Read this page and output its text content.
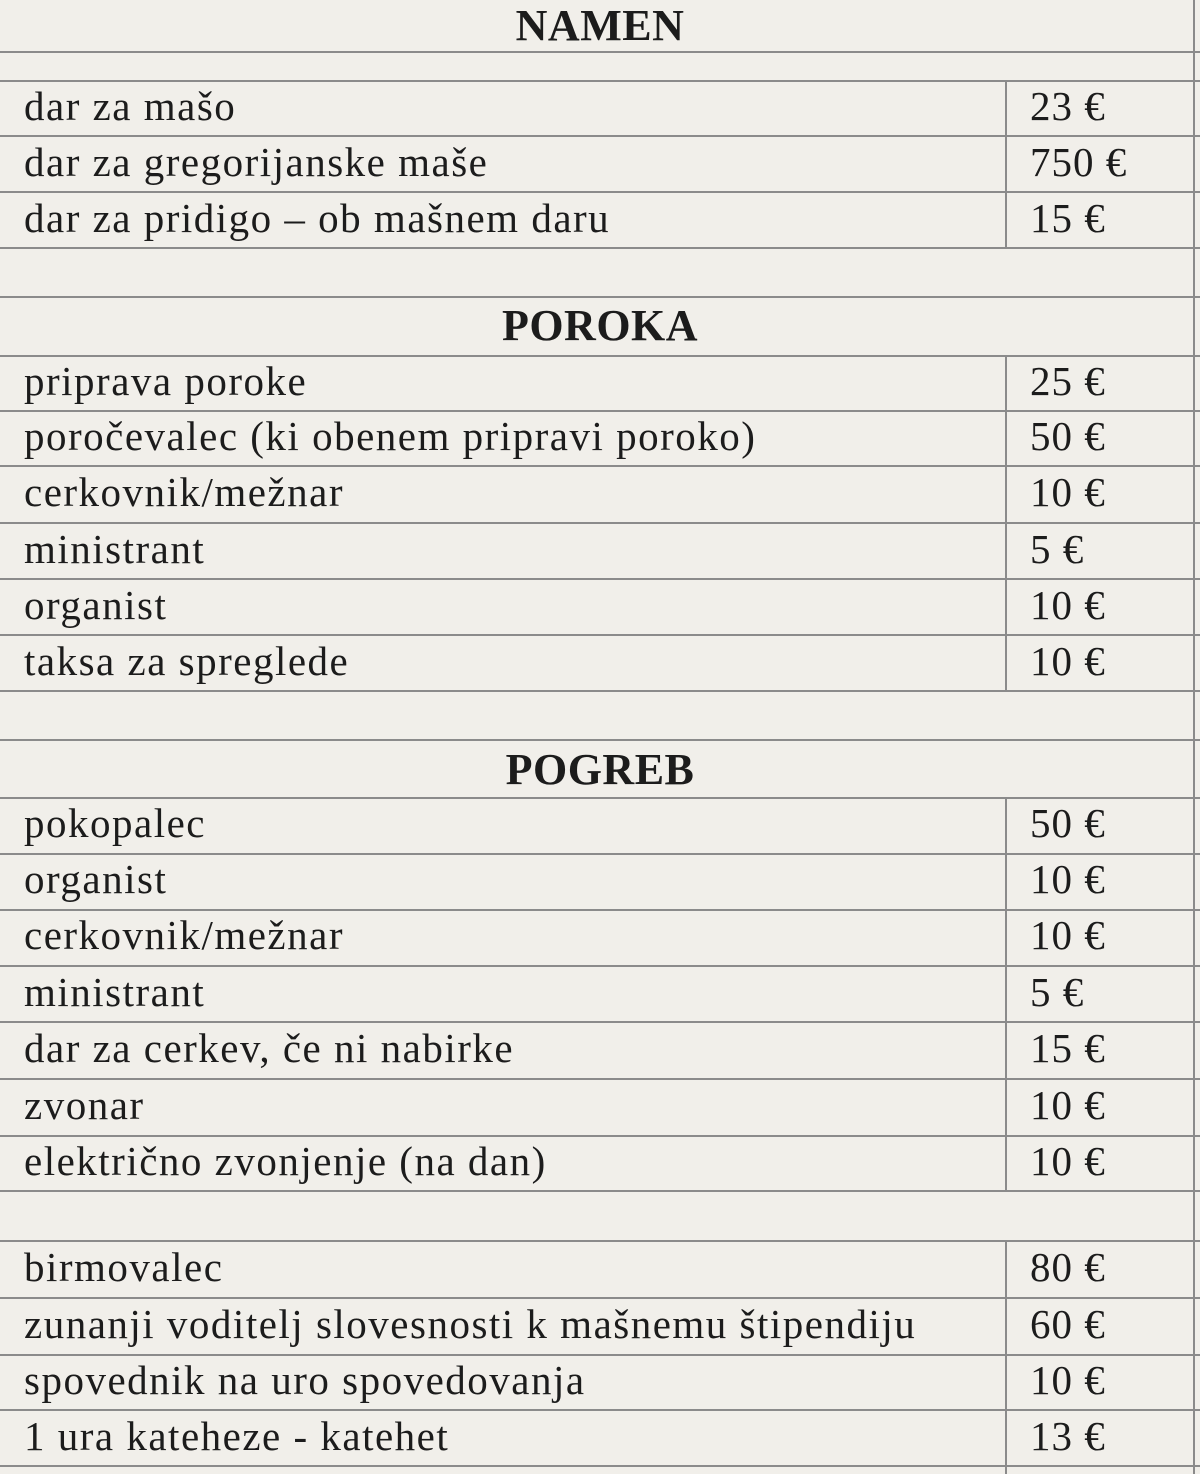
NAMEN
dar za mašo	23 €
dar za gregorijanske maše	750 €
dar za pridigo – ob mašnem daru	15 €
POROKA
priprava poroke	25 €
poročevalec (ki obenem pripravi poroko)	50 €
cerkovnik/mežnar	10 €
ministrant	5 €
organist	10 €
taksa za spreglede	10 €
POGREB
pokopalec	50 €
organist	10 €
cerkovnik/mežnar	10 €
ministrant	5 €
dar za cerkev, če ni nabirke	15 €
zvonar	10 €
električno zvonjenje (na dan)	10 €
birmovalec	80 €
zunanji voditelj slovesnosti k mašnemu štipendiju	60 €
spovednik na uro spovedovanja	10 €
1 ura kateheze - katehet	13 €
